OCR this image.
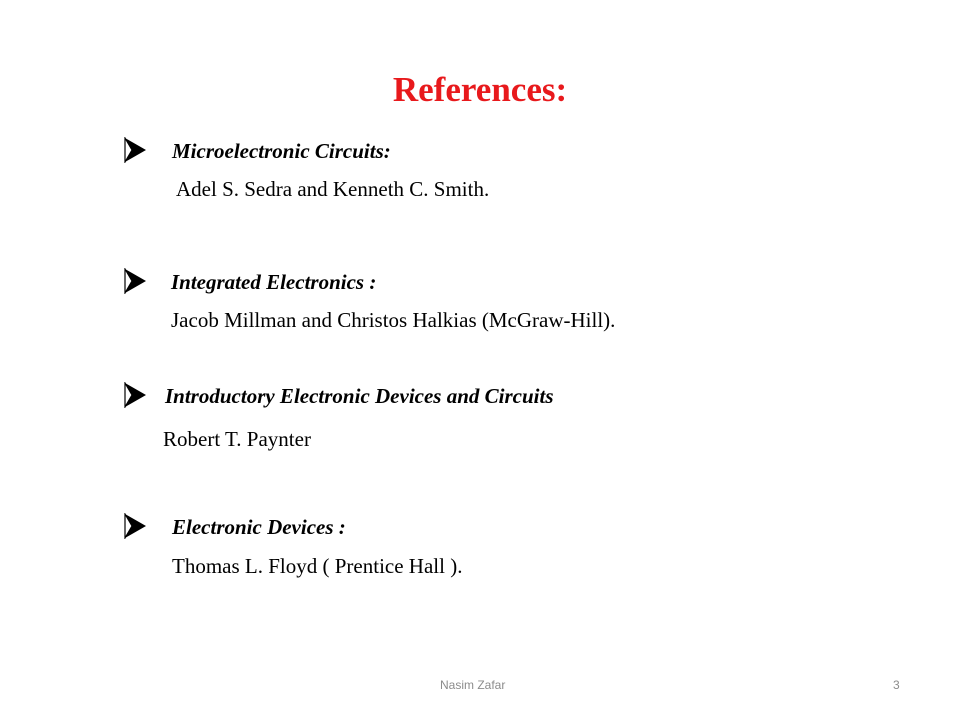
References:
Microelectronic Circuits:
Adel S. Sedra and Kenneth C. Smith.
Integrated Electronics :
Jacob Millman and Christos Halkias (McGraw-Hill).
Introductory Electronic Devices and Circuits
Robert T. Paynter
Electronic Devices :
Thomas L. Floyd ( Prentice Hall ).
Nasim Zafar	3
